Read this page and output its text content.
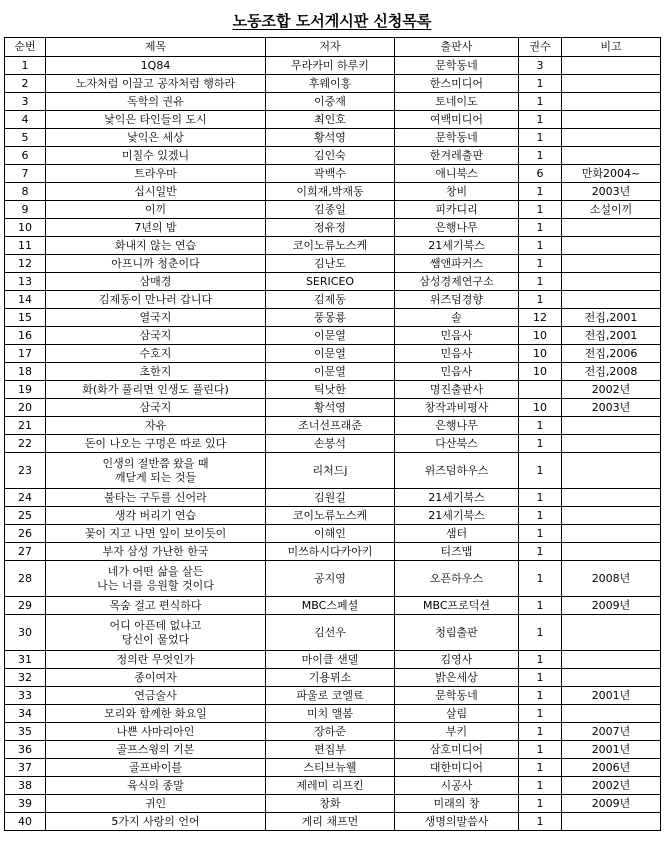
노동조합 도서게시판 신청목록
순번	제목	저자	출판사	권수	비고
1	1Q84	무라카미 하루키	문학동네	3	
2	노자처럼 이끌고 공자처럼 행하라	후웨이홍	한스미디어	1	
3	독학의 권유	이중재	토네이도	1	
4	낯익은 타인들의 도시	최인호	여백미디어	1	
5	낯익은 세상	황석영	문학동네	1	
6	미칠수 있겠니	김인숙	한겨레출판	1	
7	트라우마	곽백수	애니북스	6	만화2004~
8	십시일반	이희재,박재동	창비	1	2003년
9	이끼	김종일	피카디리	1	소설이끼
10	7년의 밤	정유정	은행나무	1	
11	화내지 않는 연습	코이노류노스케	21세기북스	1	
12	아프니까 청춘이다	김난도	쌤앤파커스	1	
13	삼매경	SERICEO	삼성경제연구소	1	
14	김제동이 만나러 갑니다	김제동	위즈덤경향	1	
15	열국지	풍몽룡	솔	12	전집,2001
16	삼국지	이문열	민음사	10	전집,2001
17	수호지	이문열	민음사	10	전집,2006
18	초한지	이문열	민음사	10	전집,2008
19	화(화가 풀리면 인생도 풀린다)	틱낫한	명진출판사		2002년
20	삼국지	황석영	창작과비평사	10	2003년
21	자유	조너선프래준	은행나무	1	
22	돈이 나오는 구멍은 따로 있다	손봉석	다산북스	1	
23	인생의 절반쯤 왔을 때
깨닫게 되는 것들	리처드j	위즈덤하우스	1	
24	불타는 구두를 신어라	김원길	21세기북스	1	
25	생각 버리기 연습	코이노류노스케	21세기북스	1	
26	꽃이 지고 나면 잎이 보이듯이	이해인	샘터	1	
27	부자 삼성 가난한 한국	미쓰하시다카아키	티즈맵	1	
28	네가 어떤 삶을 살든
나는 너를 응원할 것이다	공지영	오픈하우스	1	2008년
29	목숨 걸고 편식하다	MBC스페셜	MBC프로덕션	1	2009년
30	어디 아픈데 없냐고
당신이 물었다	김선우	청림출판	1	
31	정의란 무엇인가	마이클 샌델	김영사	1	
32	종이여자	기용뮈소	밝은세상	1	
33	연금술사	파울로 코엘료	문학동네	1	2001년
34	모리와 함께한 화요일	미치 앨봄	살림	1	
35	나쁜 사마리아인	장하준	부키	1	2007년
36	골프스윙의 기본	편집부	삼호미디어	1	2001년
37	골프바이블	스티브뉴웰	대한미디어	1	2006년
38	육식의 종말	제레미 리프킨	시공사	1	2002년
39	귀인	창화	미래의 창	1	2009년
40	5가지 사랑의 언어	게리 채프먼	생명의말씀사	1	
